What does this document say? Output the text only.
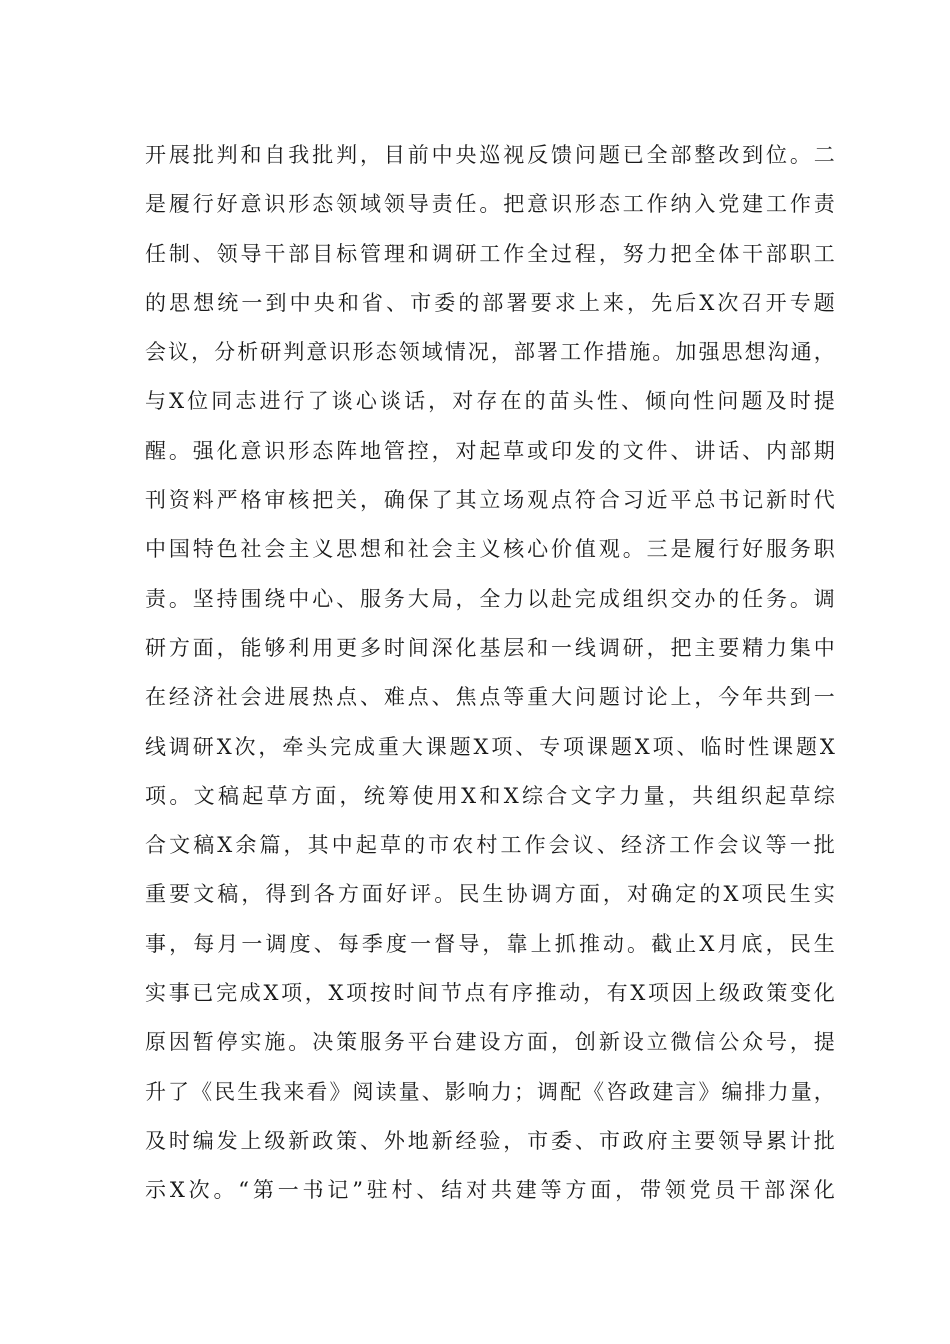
开展批判和自我批判，目前中央巡视反馈问题已全部整改到位。二
是履行好意识形态领域领导责任。把意识形态工作纳入党建工作责
任制、领导干部目标管理和调研工作全过程，努力把全体干部职工
的思想统一到中央和省、市委的部署要求上来，先后X次召开专题
会议，分析研判意识形态领域情况，部署工作措施。加强思想沟通，
与X位同志进行了谈心谈话，对存在的苗头性、倾向性问题及时提
醒。强化意识形态阵地管控，对起草或印发的文件、讲话、内部期
刊资料严格审核把关，确保了其立场观点符合习近平总书记新时代
中国特色社会主义思想和社会主义核心价值观。三是履行好服务职
责。坚持围绕中心、服务大局，全力以赴完成组织交办的任务。调
研方面，能够利用更多时间深化基层和一线调研，把主要精力集中
在经济社会进展热点、难点、焦点等重大问题讨论上，今年共到一
线调研X次，牵头完成重大课题X项、专项课题X项、临时性课题X
项。文稿起草方面，统筹使用X和X综合文字力量，共组织起草综
合文稿X余篇，其中起草的市农村工作会议、经济工作会议等一批
重要文稿，得到各方面好评。民生协调方面，对确定的X项民生实
事，每月一调度、每季度一督导，靠上抓推动。截止X月底，民生
实事已完成X项，X项按时间节点有序推动，有X项因上级政策变化
原因暂停实施。决策服务平台建设方面，创新设立微信公众号，提
升了《民生我来看》阅读量、影响力；调配《咨政建言》编排力量，
及时编发上级新政策、外地新经验，市委、市政府主要领导累计批
示X次。“第一书记”驻村、结对共建等方面，带领党员干部深化
